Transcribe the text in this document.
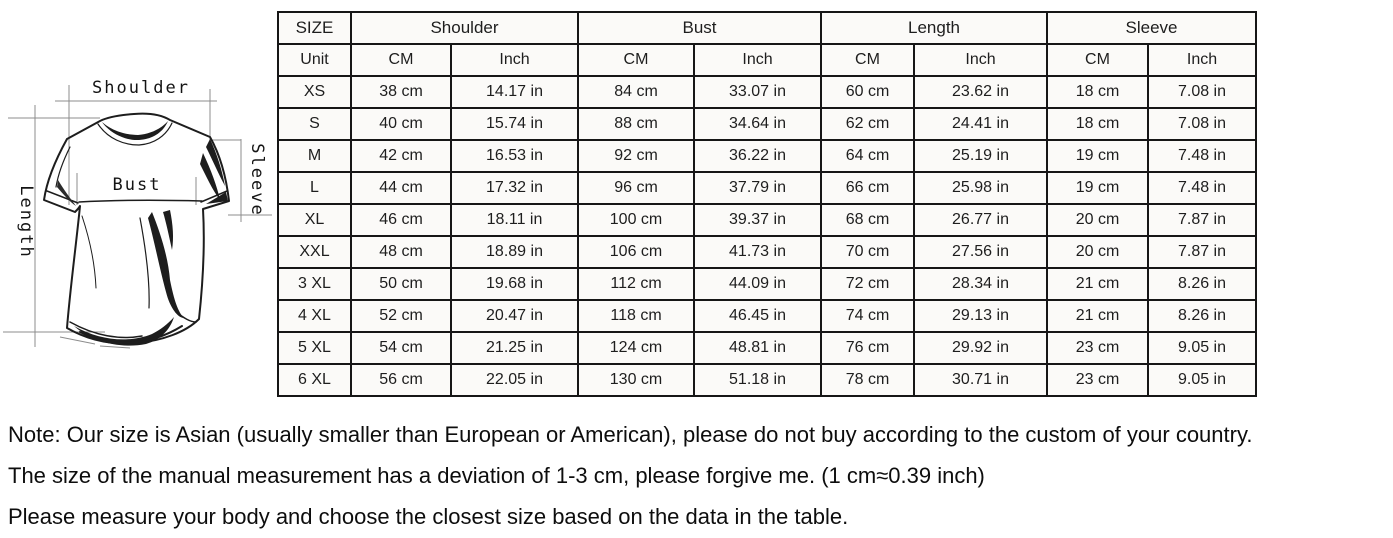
Shoulder
Bust
Length
Sleeve
SIZE	Shoulder		Bust		Length		Sleeve	
Unit	CM	Inch	CM	Inch	CM	Inch	CM	Inch
XS	38 cm	14.17 in	84 cm	33.07 in	60 cm	23.62 in	18 cm	7.08 in
S	40 cm	15.74 in	88 cm	34.64 in	62 cm	24.41 in	18 cm	7.08 in
M	42 cm	16.53 in	92 cm	36.22 in	64 cm	25.19 in	19 cm	7.48 in
L	44 cm	17.32 in	96 cm	37.79 in	66 cm	25.98 in	19 cm	7.48 in
XL	46 cm	18.11 in	100 cm	39.37 in	68 cm	26.77 in	20 cm	7.87 in
XXL	48 cm	18.89 in	106 cm	41.73 in	70 cm	27.56 in	20 cm	7.87 in
3 XL	50 cm	19.68 in	112 cm	44.09 in	72 cm	28.34 in	21 cm	8.26 in
4 XL	52 cm	20.47 in	118 cm	46.45 in	74 cm	29.13 in	21 cm	8.26 in
5 XL	54 cm	21.25 in	124 cm	48.81 in	76 cm	29.92 in	23 cm	9.05 in
6 XL	56 cm	22.05 in	130 cm	51.18 in	78 cm	30.71 in	23 cm	9.05 in

Note: Our size is Asian (usually smaller than European or American), please do not buy according to the custom of your country.

The size of the manual measurement has a deviation of 1-3 cm, please forgive me. (1 cm≈0.39 inch)

Please measure your body and choose the closest size based on the data in the table.
